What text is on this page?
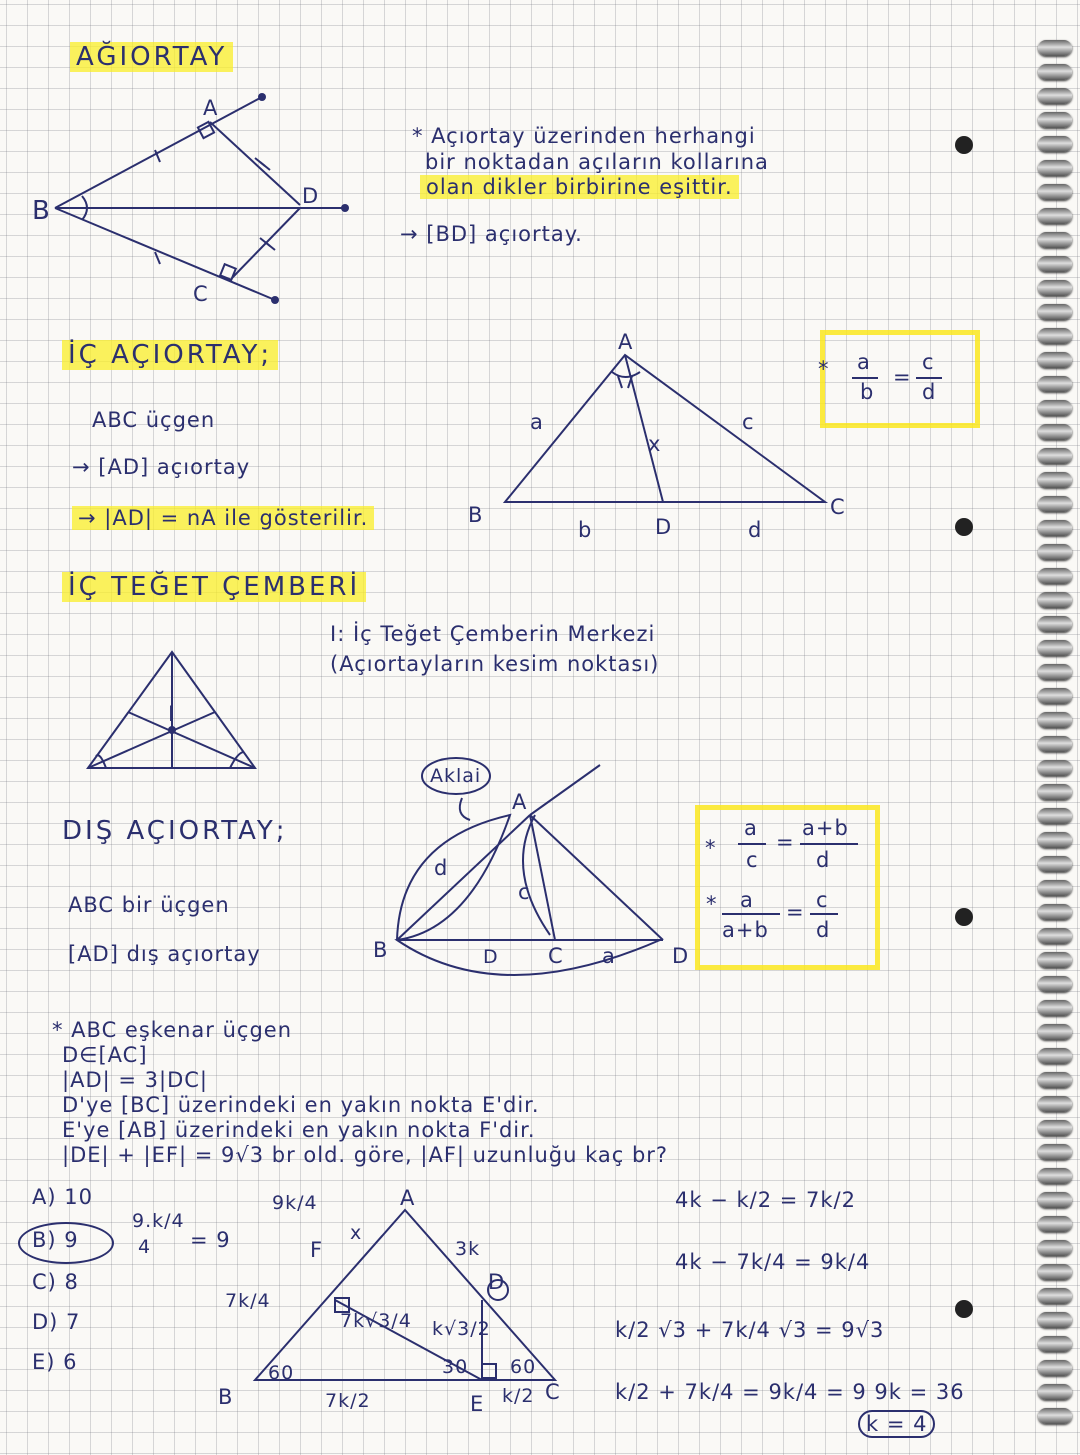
AĞIORTAY
A
B
C
D
* Açıortay üzerinden herhangi
bir noktadan açıların kollarına
olan dikler birbirine eşittir.
→ [BD] açıortay.
İÇ AÇIORTAY;
ABC üçgen
→ [AD] açıortay
→ |AD| = nA ile gösterilir.
A
B	C
D
a	c
b	d
x
* a
b
=
c
d
İÇ TEĞET ÇEMBERİ
I
I: İç Teğet Çemberin Merkezi
(Açıortayların kesim noktası)
DIŞ AÇIORTAY;
ABC bir üçgen
[AD] dış açıortay
Aklai
A
B	C	D
D	a
c
d
*
a
c
=
a+b
d
* a
a+b
= c
d
* ABC eşkenar üçgen
D∈[AC]
|AD| = 3|DC|
D'ye [BC] üzerindeki en yakın nokta E'dir.
E'ye [AB] üzerindeki en yakın nokta F'dir.
|DE| + |EF| = 9√3 br old. göre, |AF| uzunluğu kaç br?
A) 10
B) 9
C) 8
D) 7
E) 6
9.k/4
4 = 9
9k/4
7k/4
7k/2
3k
k/2
k√3/2
7k√3/4
60	30 60
A
B	C
D
E
F
x
4k − k/2 = 7k/2
4k − 7k/4 = 9k/4
k/2 √3 + 7k/4 √3 = 9√3
k/2 + 7k/4 = 9k/4 = 9 9k = 36
k = 4
